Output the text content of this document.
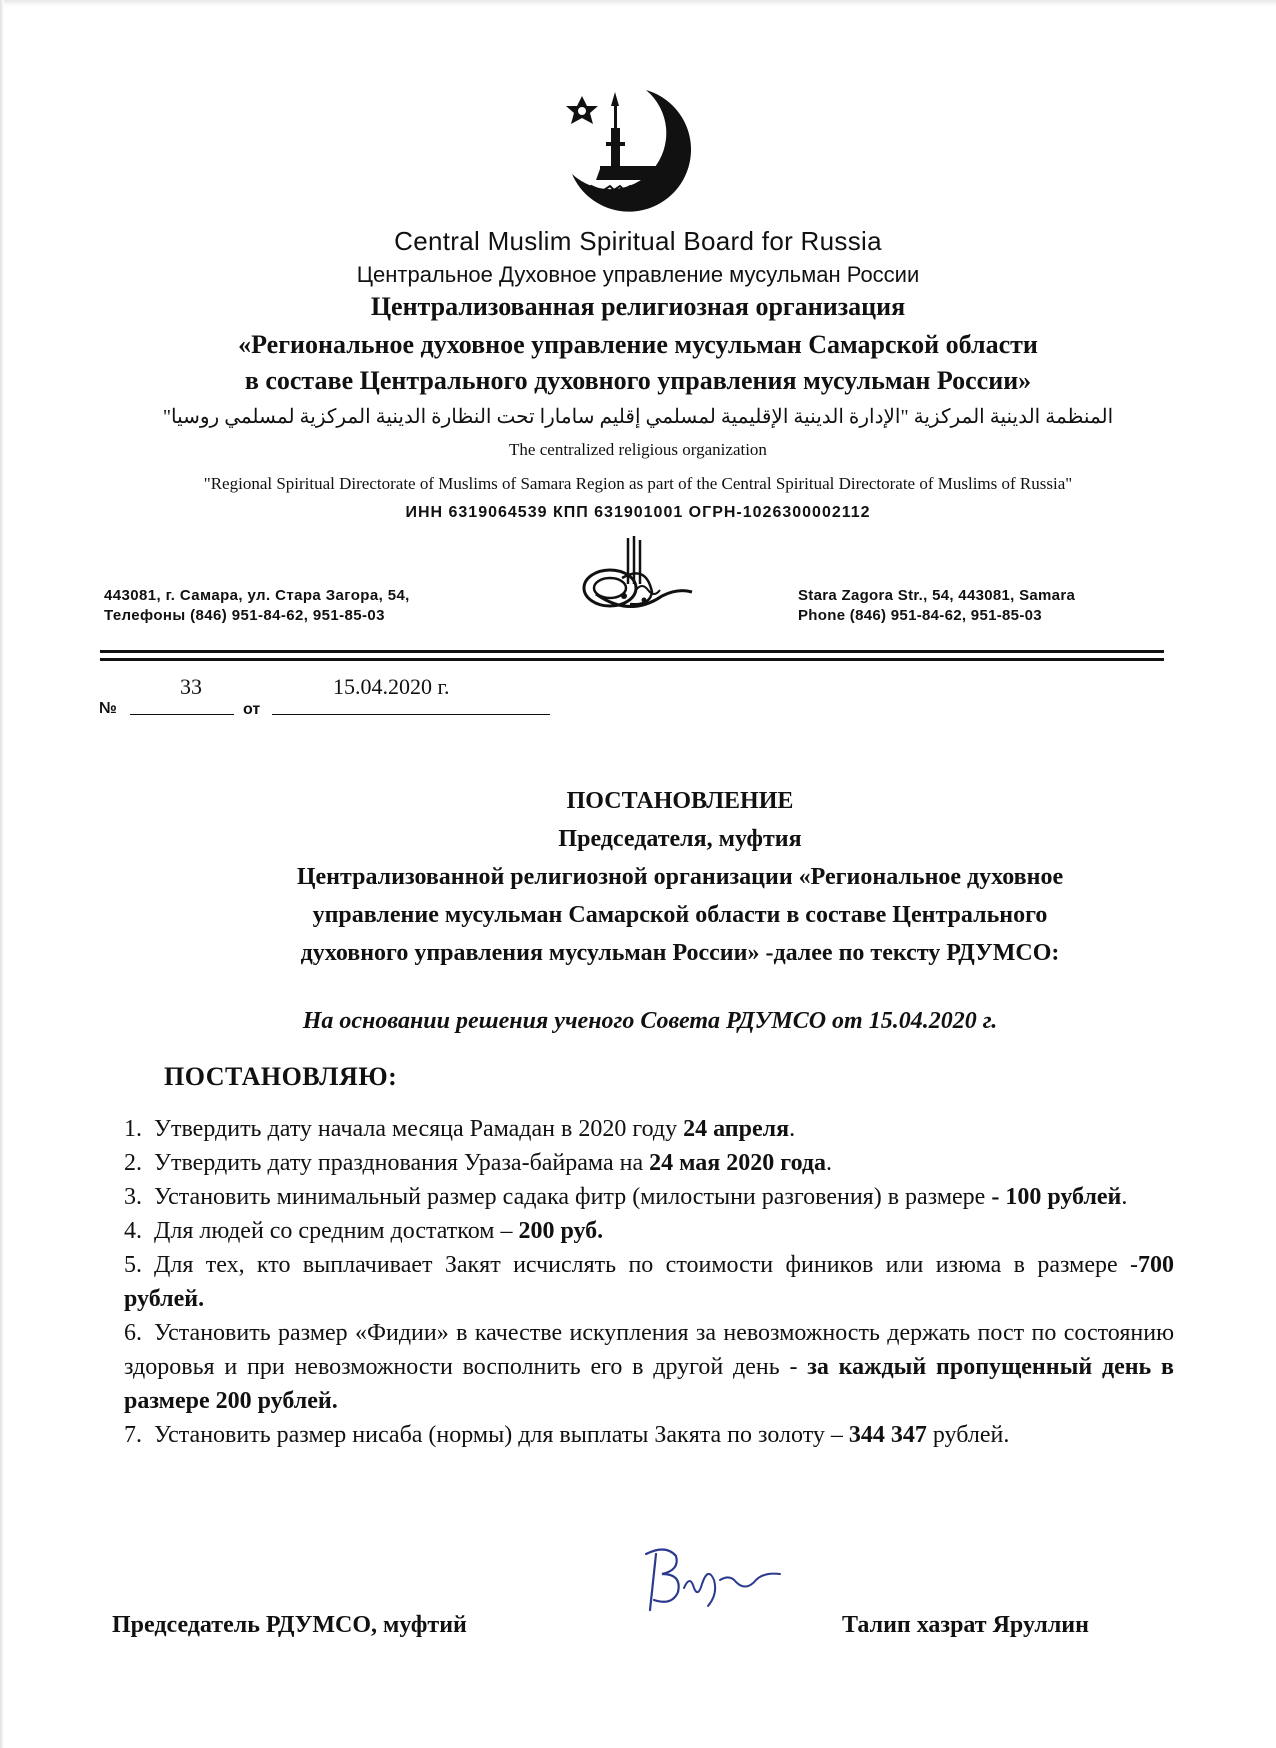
Central Muslim Spiritual Board for Russia
Центральное Духовное управление мусульман России
Централизованная религиозная организация
«Региональное духовное управление мусульман Самарской области
в составе Центрального духовного управления мусульман России»
المنظمة الدينية المركزية "الإدارة الدينية الإقليمية لمسلمي إقليم سامارا تحت النظارة الدينية المركزية لمسلمي روسيا"
The centralized religious organization
"Regional Spiritual Directorate of Muslims of Samara Region as part of the Central Spiritual Directorate of Muslims of Russia"
ИНН 6319064539 КПП 631901001 ОГРН-1026300002112
443081, г. Самара, ул. Стара Загора, 54,
Телефоны (846) 951-84-62, 951-85-03
Stara Zagora Str., 54, 443081, Samara
Phone (846) 951-84-62, 951-85-03
№
33
от
15.04.2020 г.
ПОСТАНОВЛЕНИЕ
Председателя, муфтия
Централизованной религиозной организации «Региональное духовное
управление мусульман Самарской области в составе Центрального
духовного управления мусульман России» -далее по тексту РДУМСО:
На основании решения ученого Совета РДУМСО от 15.04.2020 г.
ПОСТАНОВЛЯЮ:

1. Утвердить дату начала месяца Рамадан в 2020 году 24 апреля.

2. Утвердить дату празднования Ураза-байрама на 24 мая 2020 года.

3. Установить минимальный размер садака фитр (милостыни разговения) в размере - 100 рублей.

4. Для людей со средним достатком – 200 руб.

5. Для тех, кто выплачивает Закят исчислять по стоимости фиников или изюма в размере -700 рублей.

6. Установить размер «Фидии» в качестве искупления за невозможность держать пост по состоянию здоровья и при невозможности восполнить его в другой день - за каждый пропущенный день в размере 200 рублей.

7. Установить размер нисаба (нормы) для выплаты Закята по золоту – 344 347 рублей.

Председатель РДУМСО, муфтий	Талип хазрат Яруллин
